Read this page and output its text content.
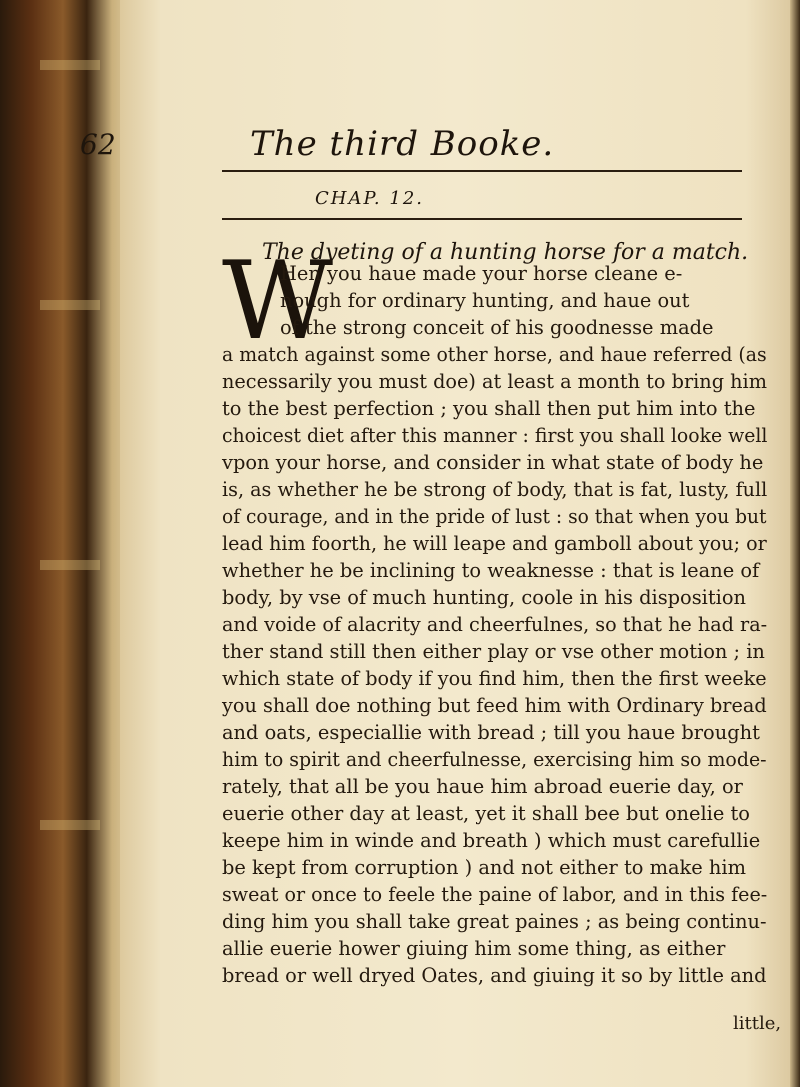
62	The third Booke.
CHAP. 12.
The dyeting of a hunting horse for a match.
W
Hen you haue made your horse cleane e-
nough for ordinary hunting, and haue out
of the strong conceit of his goodnesse made
a match against some other horse, and haue referred (as
necessarily you must doe) at least a month to bring him
to the best perfection ; you shall then put him into the
choicest diet after this manner : first you shall looke well
vpon your horse, and consider in what state of body he
is, as whether he be strong of body, that is fat, lusty, full
of courage, and in the pride of lust : so that when you but
lead him foorth, he will leape and gamboll about you; or
whether he be inclining to weaknesse : that is leane of
body, by vse of much hunting, coole in his disposition
and voide of alacrity and cheerfulnes, so that he had ra-
ther stand still then either play or vse other motion ; in
which state of body if you find him, then the first weeke
you shall doe nothing but feed him with Ordinary bread
and oats, especiallie with bread ; till you haue brought
him to spirit and cheerfulnesse, exercising him so mode-
rately, that all be you haue him abroad euerie day, or
euerie other day at least, yet it shall bee but onelie to
keepe him in winde and breath ) which must carefullie
be kept from corruption ) and not either to make him
sweat or once to feele the paine of labor, and in this fee-
ding him you shall take great paines ; as being continu-
allie euerie hower giuing him some thing, as either
bread or well dryed Oates, and giuing it so by little and
little,
